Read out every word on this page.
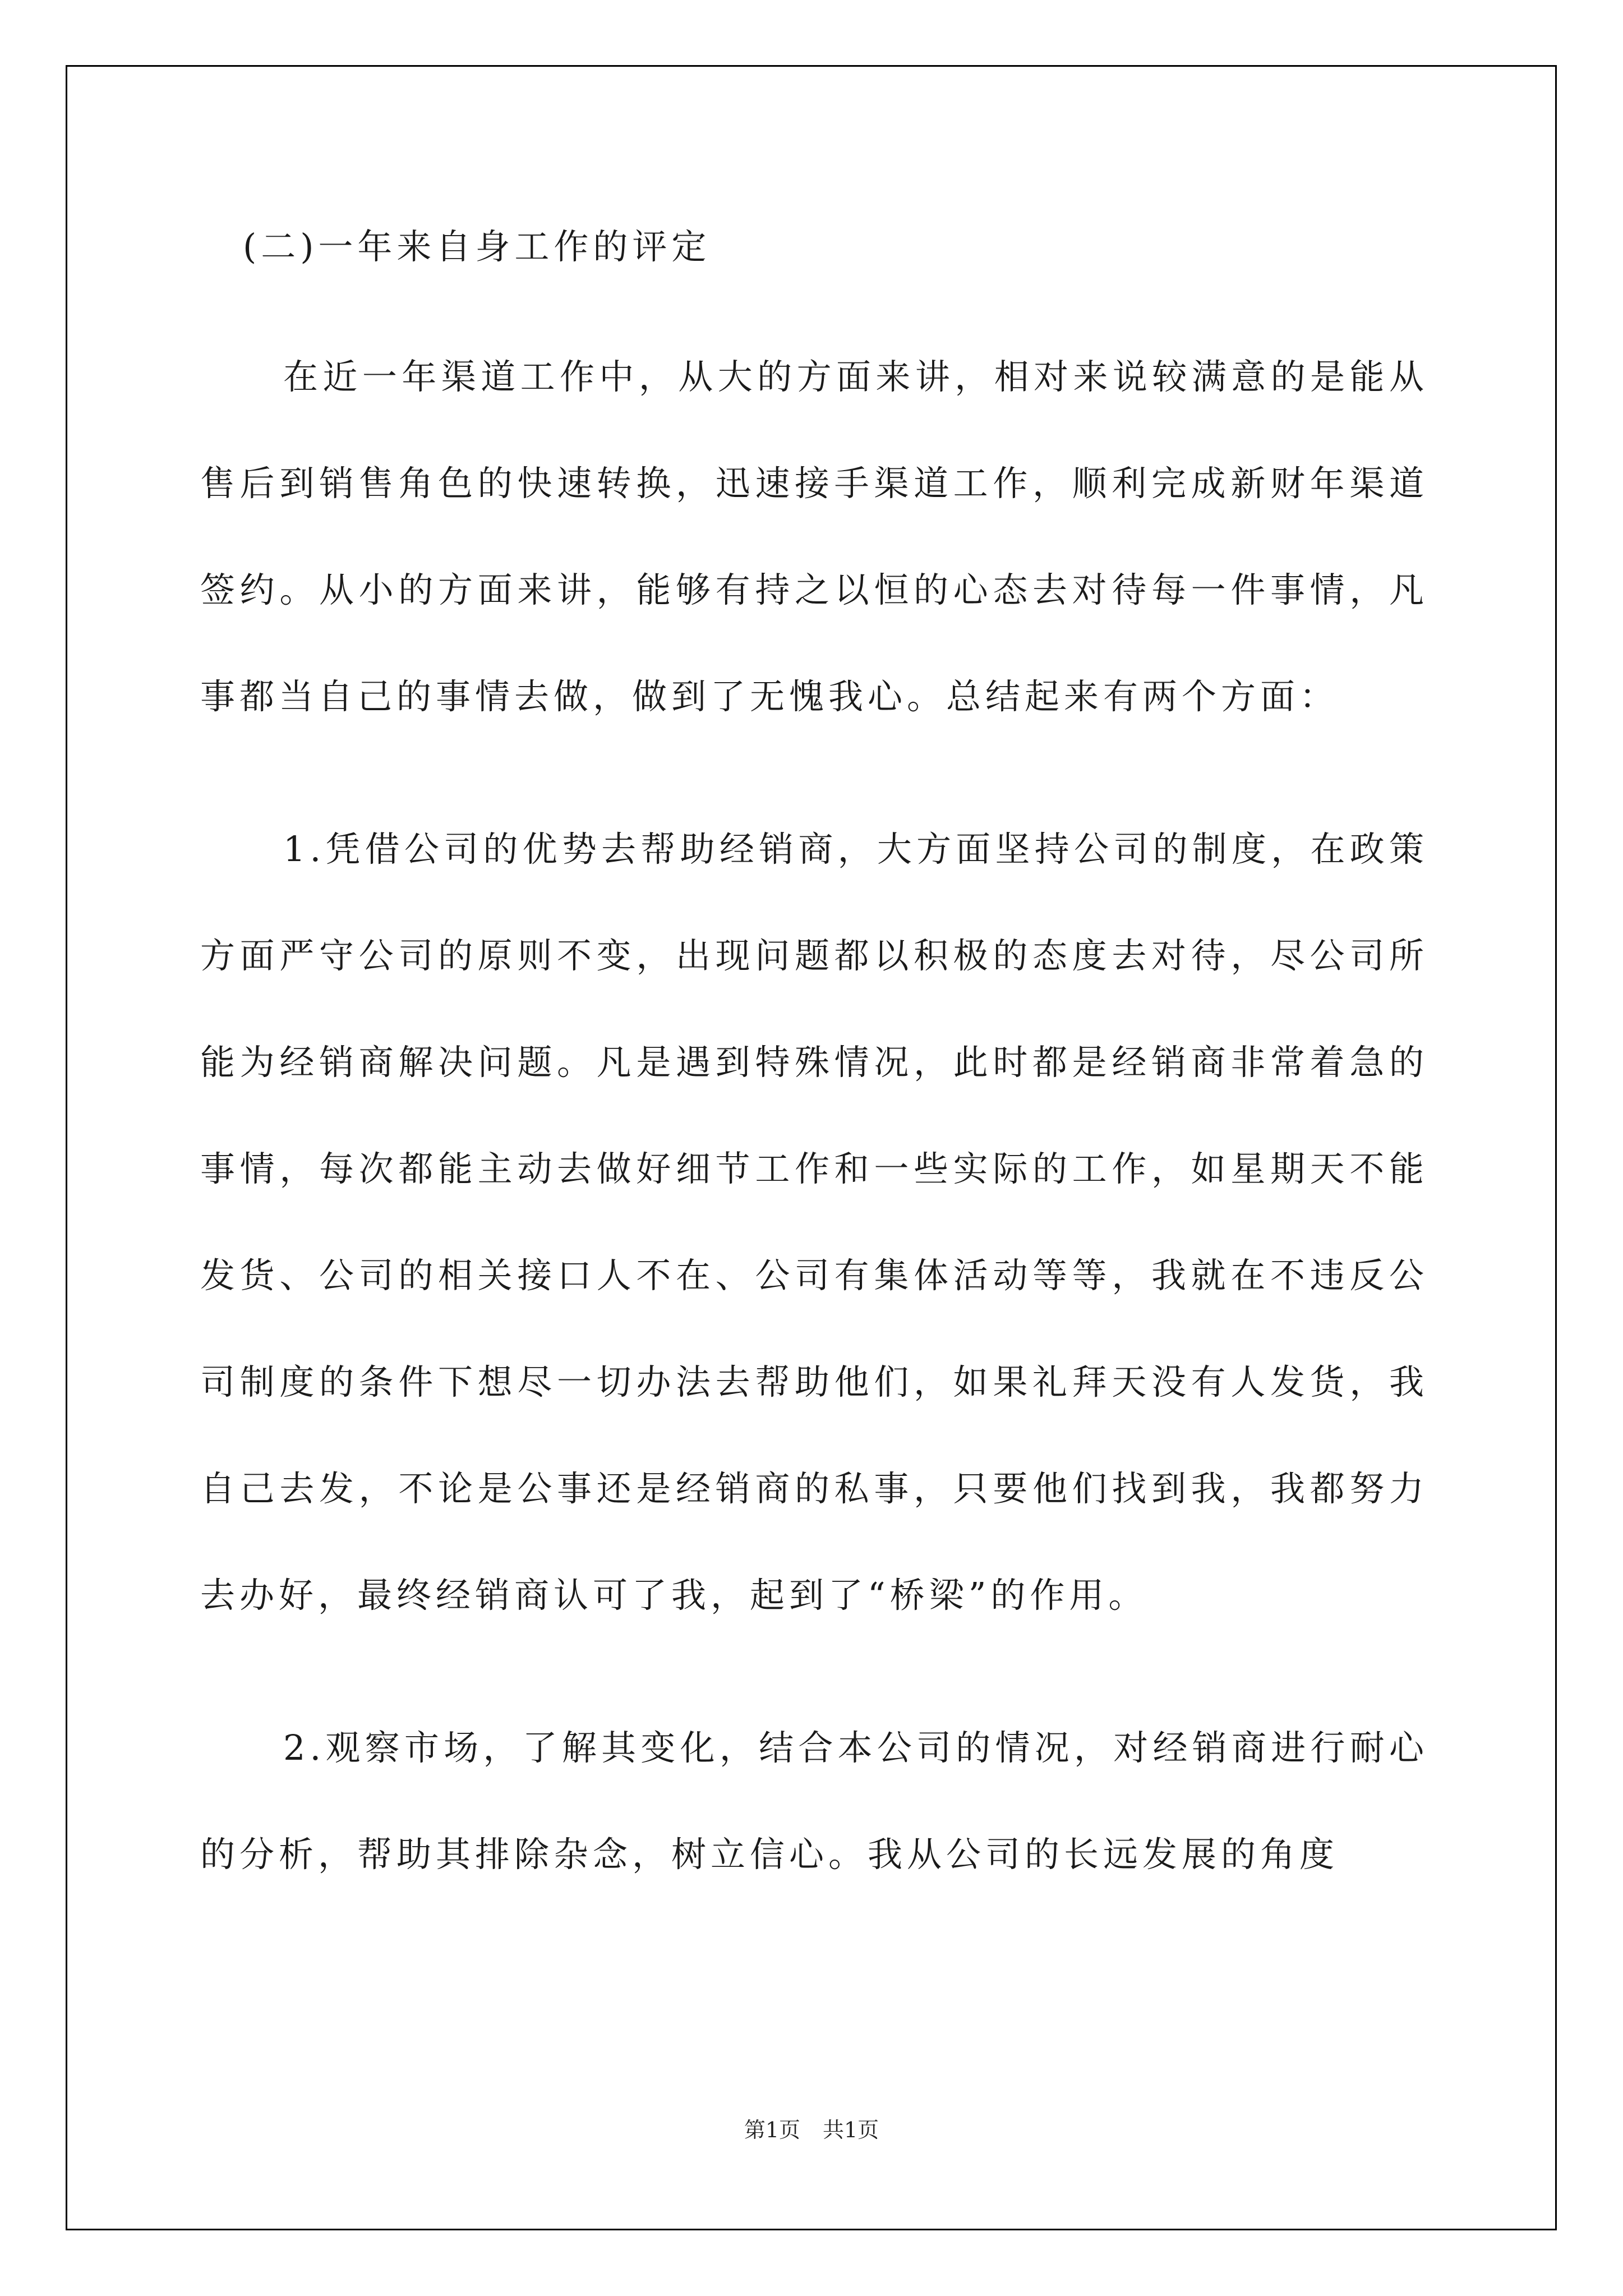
(二)一年来自身工作的评定

在近一年渠道工作中，从大的方面来讲，相对来说较满意的是能从售后到销售角色的快速转换，迅速接手渠道工作，顺利完成新财年渠道签约。从小的方面来讲，能够有持之以恒的心态去对待每一件事情，凡事都当自己的事情去做，做到了无愧我心。总结起来有两个方面：

1.凭借公司的优势去帮助经销商，大方面坚持公司的制度，在政策方面严守公司的原则不变，出现问题都以积极的态度去对待，尽公司所能为经销商解决问题。凡是遇到特殊情况，此时都是经销商非常着急的事情，每次都能主动去做好细节工作和一些实际的工作，如星期天不能发货、公司的相关接口人不在、公司有集体活动等等，我就在不违反公司制度的条件下想尽一切办法去帮助他们，如果礼拜天没有人发货，我自己去发，不论是公事还是经销商的私事，只要他们找到我，我都努力去办好，最终经销商认可了我，起到了“桥梁”的作用。

2.观察市场，了解其变化，结合本公司的情况，对经销商进行耐心的分析，帮助其排除杂念，树立信心。我从公司的长远发展的角度

第1页 共1页
